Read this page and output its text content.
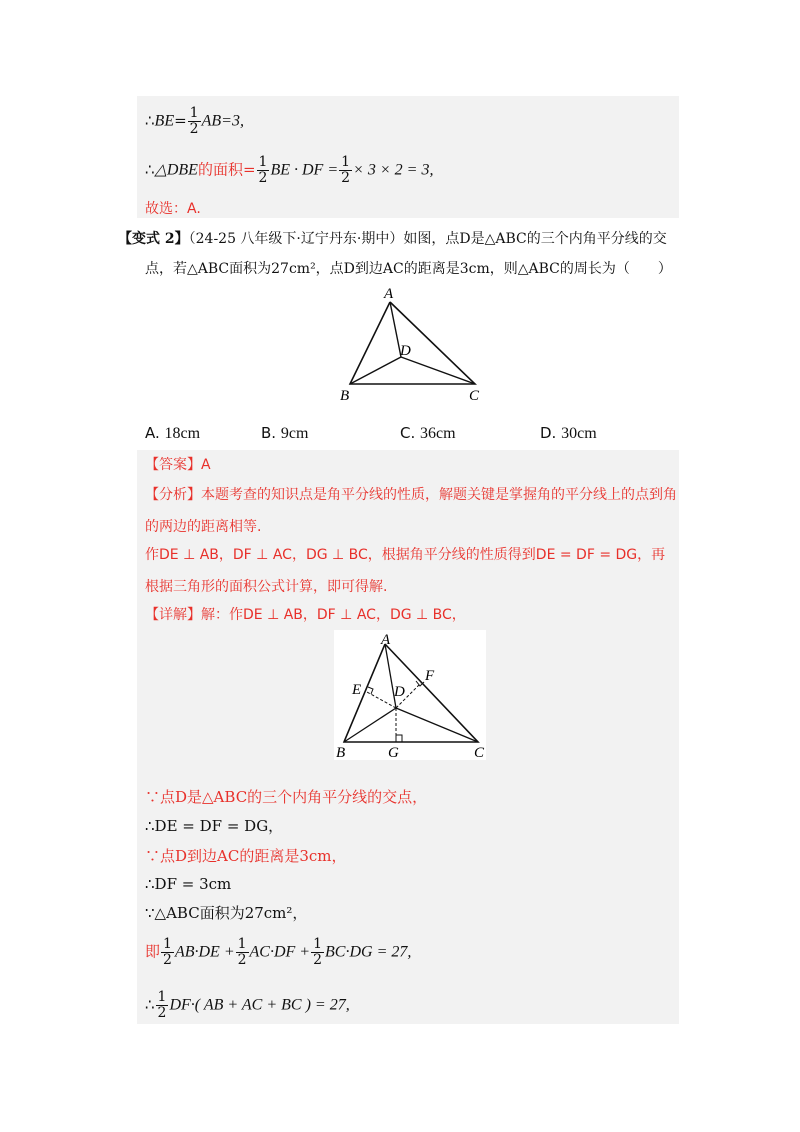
∴BE= $\frac{1}{2} AB=3$,
∴△DBE的面积= $\frac{1}{2}$ BE · DF = $\frac{1}{2} \times 3 \times 2 = 3$,
故选：A.
【变式 2】（24-25 八年级下·辽宁丹东·期中）如图，点D是△ABC的三个内角平分线的交
点，若△ABC面积为27cm²，点D到边AC的距离是3cm，则△ABC的周长为（　　）
A
B	C
D
A. 18cm	B. 9cm	C. 36cm	D. 30cm
【答案】A
【分析】本题考查的知识点是角平分线的性质，解题关键是掌握角的平分线上的点到角
的两边的距离相等.
作DE ⊥ AB，DF ⊥ AC，DG ⊥ BC，根据角平分线的性质得到DE = DF = DG，再
根据三角形的面积公式计算，即可得解.
【详解】解：作DE ⊥ AB，DF ⊥ AC，DG ⊥ BC，
A
B	C
D
E
F
G
∵点D是△ABC的三个内角平分线的交点，
∴DE = DF = DG，
∵点D到边AC的距离是3cm，
∴DF = 3cm
∵△ABC面积为27cm²，
即 $\frac{1}{2} AB\cdot DE + \frac{1}{2} AC\cdot DF + \frac{1}{2} BC\cdot DG = 27$,
∴ $\frac{1}{2} DF\cdot$( AB + AC + BC ) = 27,
